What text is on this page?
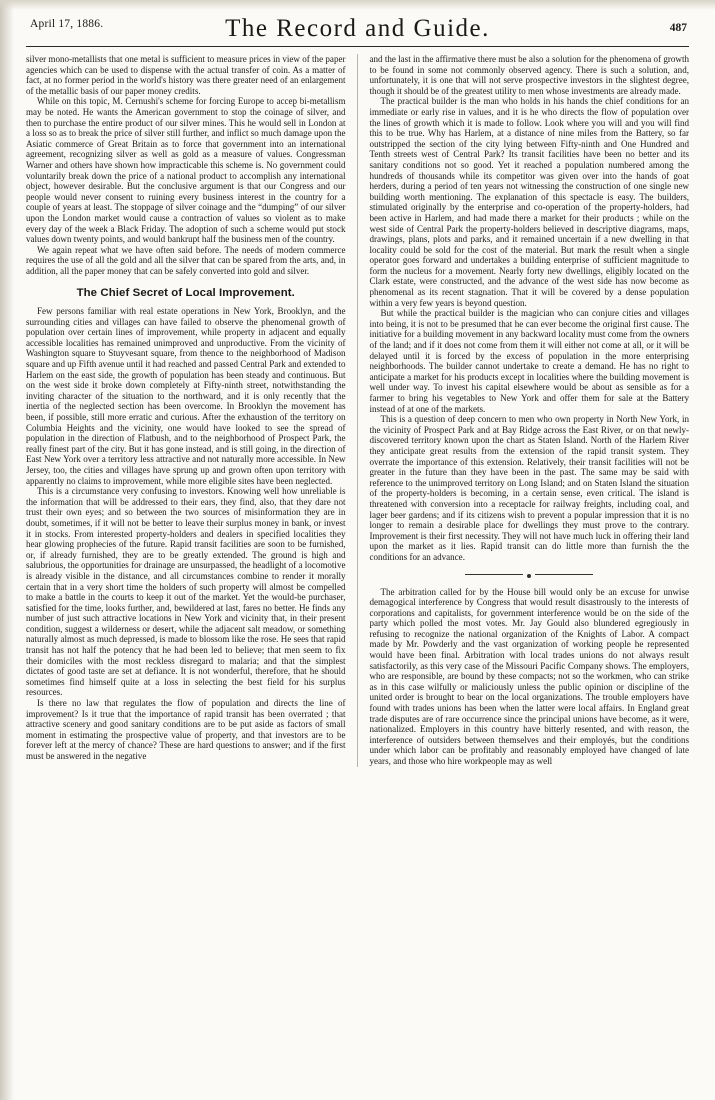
April 17, 1886.	The Record and Guide.	487

silver mono-metallists that one metal is sufficient to measure prices in view of the paper agencies which can be used to dispense with the actual transfer of coin. As a matter of fact, at no former period in the world's history was there greater need of an enlargement of the metallic basis of our paper money credits.

While on this topic, M. Cernushi's scheme for forcing Europe to accep̱ bi-metallism may be noted. He wants the American government to stop the coinage of silver, and then to purchase the entire product of our silver mines. This he would sell in London at a loss so as to break the price of silver still further, and inflict so much damage upon the Asiatic commerce of Great Britain as to force that government into an international agreement, recognizing silver as well as gold as a measure of values. Congressman Warner and others have shown how impracticable this scheme is. No government could voluntarily break down the price of a national product to accomplish any international object, however desirable. But the conclusive argument is that our Congress and our people would never consent to ruining every business interest in the country for a couple of years at least. The stoppage of silver coinage and the “dumping” of our silver upon the London market would cause a contraction of values so violent as to make every day of the week a Black Friday. The adoption of such a scheme would put stock values down twenty points, and would bankrupt half the business men of the country.

We again repeat what we have often said before. The needs of modern commerce requires the use of all the gold and all the silver that can be spared from the arts, and, in addition, all the paper money that can be safely converted into gold and silver.

The Chief Secret of Local Improvement.

Few persons familiar with real estate operations in New York, Brooklyn, and the surrounding cities and villages can have failed to observe the phenomenal growth of population over certain lines of improvement, while property in adjacent and equally accessible localities has remained unimproved and unproductive. From the vicinity of Washington square to Stuyvesant square, from thence to the neighborhood of Madison square and up Fifth avenue until it had reached and passed Central Park and extended to Harlem on the east side, the growth of population has been steady and continuous. But on the west side it broke down completely at Fifty-ninth street, notwithstanding the inviting character of the situation to the northward, and it is only recently that the inertia of the neglected section has been overcome. In Brooklyn the movement has been, if possible, still more erratic and curious. After the exhaustion of the territory on Columbia Heights and the vicinity, one would have looked to see the spread of population in the direction of Flatbush, and to the neighborhood of Prospect Park, the really finest part of the city. But it has gone instead, and is still going, in the direction of East New York over a territory less attractive and not naturally more accessible. In New Jersey, too, the cities and villages have sprung up and grown often upon territory with apparently no claims to improvement, while more eligible sites have been neglected.

This is a circumstance very confusing to investors. Knowing well how unreliable is the information that will be addressed to their ears, they find, also, that they dare not trust their own eyes; and so between the two sources of misinformation they are in doubt, sometimes, if it will not be better to leave their surplus money in bank, or invest it in stocks. From interested property-holders and dealers in specified localities they hear glowing prophecies of the future. Rapid transit facilities are soon to be furnished, or, if already furnished, they are to be greatly extended. The ground is high and salubrious, the opportunities for drainage are unsurpassed, the headlight of a locomotive is already visible in the distance, and all circumstances combine to render it morally certain that in a very short time the holders of such property will almost be compelled to make a battle in the courts to keep it out of the market. Yet the would-be purchaser, satisfied for the time, looks further, and, bewildered at last, fares no better. He finds any number of just such attractive locations in New York and vicinity that, in their present condition, suggest a wilderness or desert, while the adjacent salt meadow, or something naturally almost as much depressed, is made to blossom like the rose. He sees that rapid transit has not half the potency that he had been led to believe; that men seem to fix their domiciles with the most reckless disregard to malaria; and that the simplest dictates of good taste are set at defiance. It is not wonderful, therefore, that he should sometimes find himself quite at a loss in selecting the best field for his surplus resources.

Is there no law that regulates the flow of population and directs the line of improvement? Is it true that the importance of rapid transit has been overrated ; that attractive scenery and good sanitary conditions are to be put aside as factors of small moment in estimating the prospective value of property, and that investors are to be forever left at the mercy of chance? These are hard questions to answer; and if the first must be answered in the negative

and the last in the affirmative there must be also a solution for the phenomena of growth to be found in some not commonly observed agency. There is such a solution, and, unfortunately, it is one that will not serve prospective investors in the slightest degree, though it should be of the greatest utility to men whose investments are already made.

The practical builder is the man who holds in his hands the chief conditions for an immediate or early rise in values, and it is he who directs the flow of population over the lines of growth which it is made to follow. Look where you will and you will find this to be true. Why has Harlem, at a distance of nine miles from the Battery, so far outstripped the section of the city lying between Fifty-ninth and One Hundred and Tenth streets west of Central Park? Its transit facilities have been no better and its sanitary conditions not so good. Yet it reached a population numbered among the hundreds of thousands while its competitor was given over into the hands of goat herders, during a period of ten years not witnessing the construction of one single new building worth mentioning. The explanation of this spectacle is easy. The builders, stimulated originally by the enterprise and co-operation of the property-holders, had been active in Harlem, and had made there a market for their products ; while on the west side of Central Park the property-holders believed in descriptive diagrams, maps, drawings, plans, plots and parks, and it remained uncertain if a new dwelling in that locality could be sold for the cost of the material. But mark the result when a single operator goes forward and undertakes a building enterprise of sufficient magnitude to form the nucleus for a movement. Nearly forty new dwellings, eligibly located on the Clark estate, were constructed, and the advance of the west side has now become as phenomenal as its recent stagnation. That it will be covered by a dense population within a very few years is beyond question.

But while the practical builder is the magician who can conjure cities and villages into being, it is not to be presumed that he can ever become the original first cause. The initiative for a building movement in any backward locality must come from the owners of the land; and if it does not come from them it will either not come at all, or it will be delayed until it is forced by the excess of population in the more enterprising neighborhoods. The builder cannot undertake to create a demand. He has no right to anticipate a market for his products except in localities where the building movement is well under way. To invest his capital elsewhere would be about as sensible as for a farmer to bring his vegetables to New York and offer them for sale at the Battery instead of at one of the markets.

This is a question of deep concern to men who own property in North New York, in the vicinity of Prospect Park and at Bay Ridge across the East River, or on that newly-discovered territory known upon the chart as Staten Island. North of the Harlem River they anticipate great results from the extension of the rapid transit system. They overrate the importance of this extension. Relatively, their transit facilities will not be greater in the future than they have been in the past. The same may be said with reference to the unimproved territory on Long Island; and on Staten Island the situation of the property-holders is becoming, in a certain sense, even critical. The island is threatened with conversion into a receptacle for railway freights, including coal, and lager beer gardens; and if its citizens wish to prevent a popular impression that it is no longer to remain a desirable place for dwellings they must prove to the contrary. Improvement is their first necessity. They will not have much luck in offering their land upon the market as it lies. Rapid transit can do little more than furnish the the conditions for an advance.

The arbitration called for by the House bill would only be an excuse for unwise demagogical interference by Congress that would result disastrously to the interests of corporations and capitalists, for government interference would be on the side of the party which polled the most votes. Mr. Jay Gould also blundered egregiously in refusing to recognize the national organization of the Knights of Labor. A compact made by Mr. Powderly and the vast organization of working people he represented would have been final. Arbitration with local trades unions do not always result satisfactorily, as this very case of the Missouri Pacific Company shows. The employers, who are responsible, are bound by these compacts; not so the workmen, who can strike as in this case wilfully or maliciously unless the public opinion or discipline of the united order is brought to bear on the local organizations. The trouble employers have found with trades unions has been when the latter were local affairs. In England great trade disputes are of rare occurrence since the principal unions have become, as it were, nationalized. Employers in this country have bitterly resented, and with reason, the interference of outsiders between themselves and their employés, but the conditions under which labor can be profitably and reasonably employed have changed of late years, and those who hire workpeople may as well
